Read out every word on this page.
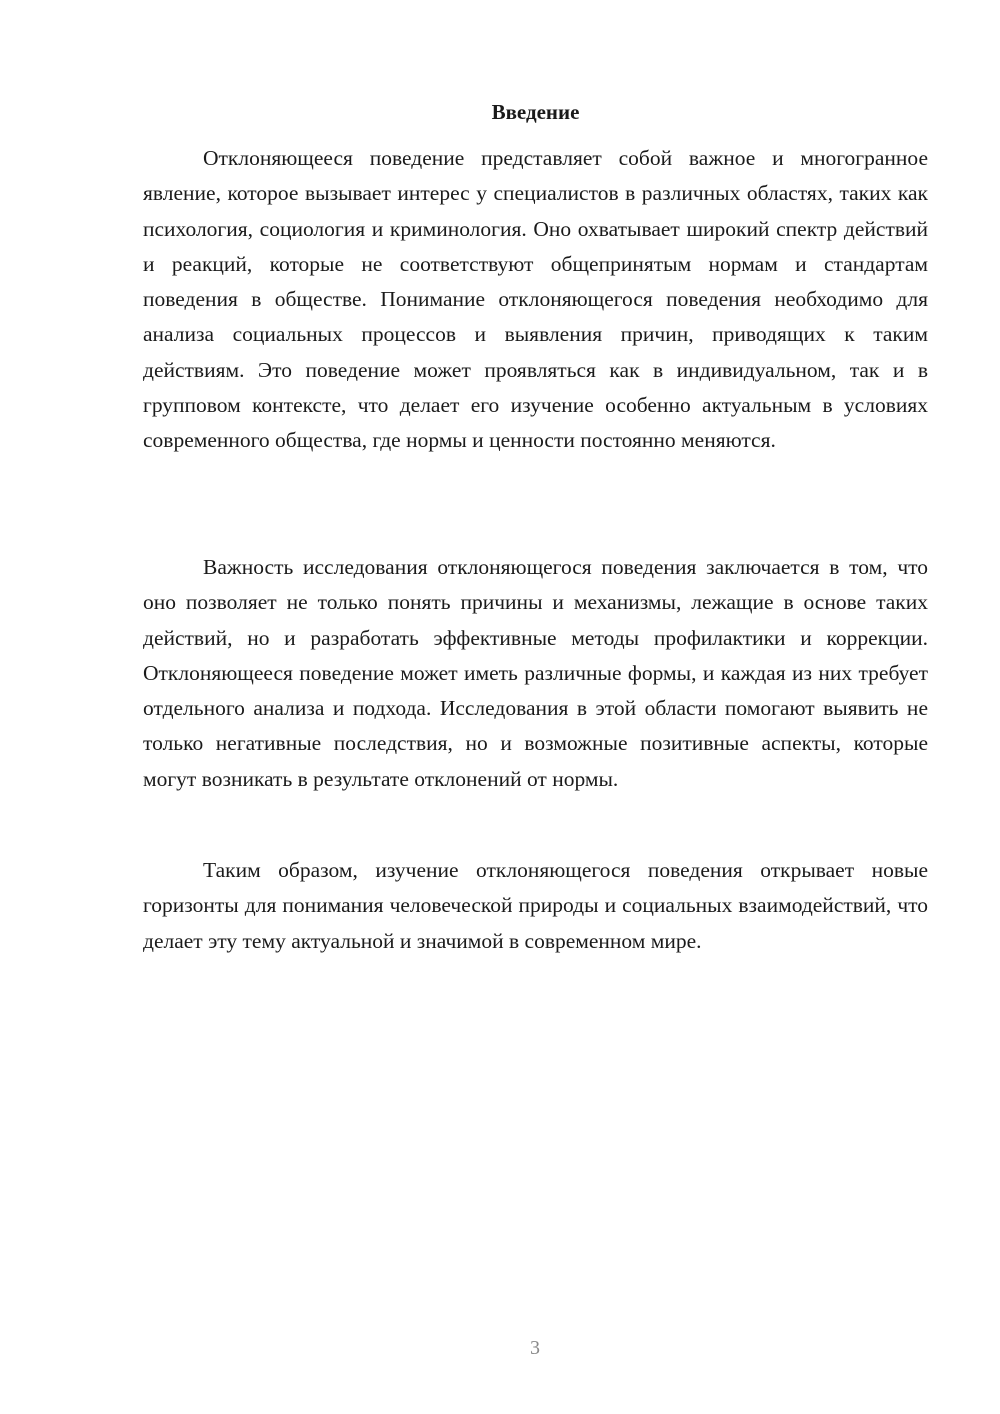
Введение

Отклоняющееся поведение представляет собой важное и многогранное явление, которое вызывает интерес у специалистов в различных областях, таких как психология, социология и криминология. Оно охватывает широкий спектр действий и реакций, которые не соответствуют общепринятым нормам и стандартам поведения в обществе. Понимание отклоняющегося поведения необходимо для анализа социальных процессов и выявления причин, приводящих к таким действиям. Это поведение может проявляться как в индивидуальном, так и в групповом контексте, что делает его изучение особенно актуальным в условиях современного общества, где нормы и ценности постоянно меняются.

Важность исследования отклоняющегося поведения заключается в том, что оно позволяет не только понять причины и механизмы, лежащие в основе таких действий, но и разработать эффективные методы профилактики и коррекции. Отклоняющееся поведение может иметь различные формы, и каждая из них требует отдельного анализа и подхода. Исследования в этой области помогают выявить не только негативные последствия, но и возможные позитивные аспекты, которые могут возникать в результате отклонений от нормы.

Таким образом, изучение отклоняющегося поведения открывает новые горизонты для понимания человеческой природы и социальных взаимодействий, что делает эту тему актуальной и значимой в современном мире.

3
